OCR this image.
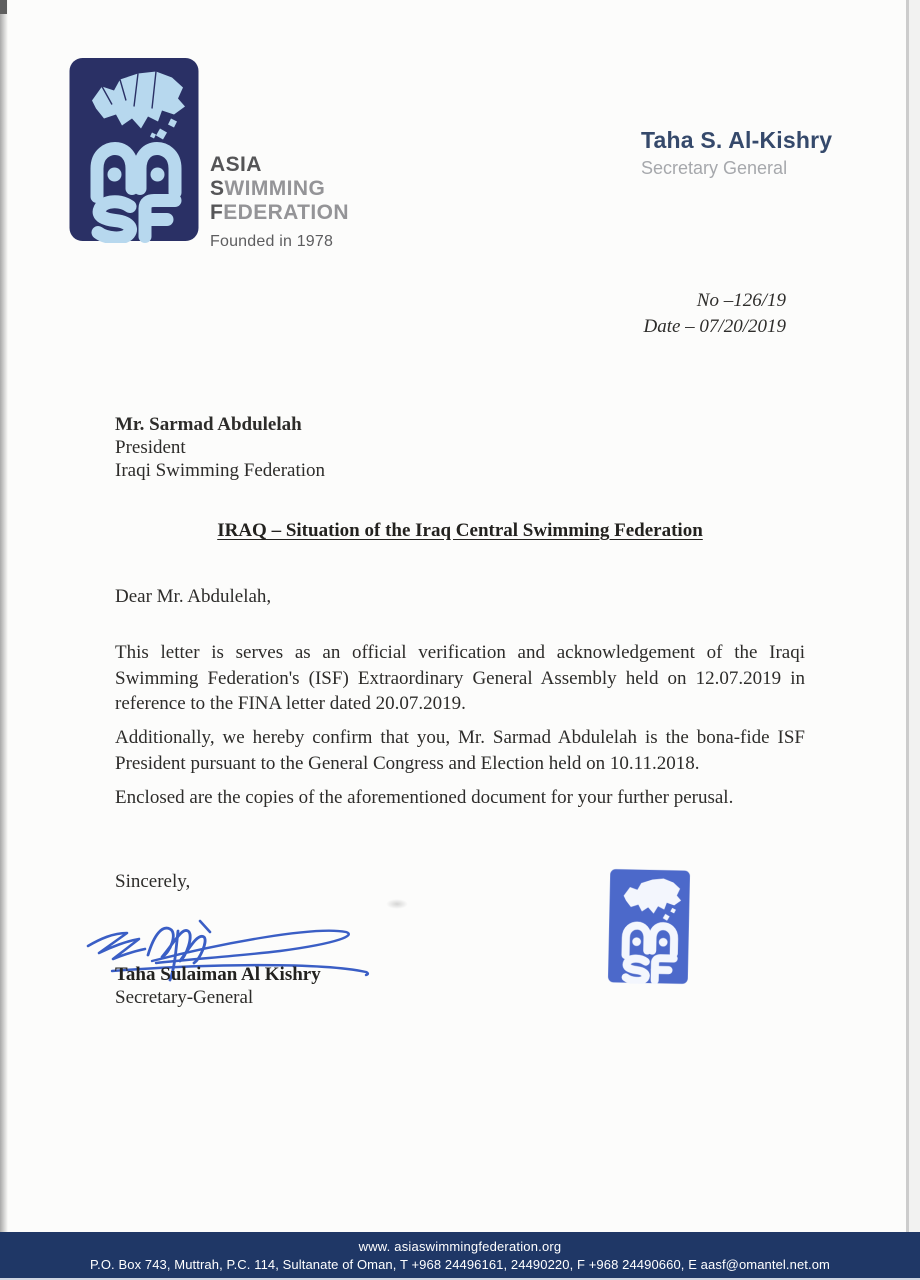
ASIA
SWIMMING
FEDERATION
Founded in 1978
Taha S. Al-Kishry
Secretary General
No –126/19
Date – 07/20/2019
Mr. Sarmad Abdulelah
President
Iraqi Swimming Federation
IRAQ – Situation of the Iraq Central Swimming Federation
Dear Mr. Abdulelah,

This letter is serves as an official verification and acknowledgement of the Iraqi Swimming Federation's (ISF) Extraordinary General Assembly held on 12.07.2019 in reference to the FINA letter dated 20.07.2019.

Additionally, we hereby confirm that you, Mr. Sarmad Abdulelah is the bona-fide ISF President pursuant to the General Congress and Election held on 10.11.2018.

Enclosed are the copies of the aforementioned document for your further perusal.

Sincerely,
Taha Sulaiman Al Kishry
Secretary-General
www. asiaswimmingfederation.org
P.O. Box 743, Muttrah, P.C. 114, Sultanate of Oman, T +968 24496161, 24490220, F +968 24490660, E aasf@omantel.net.om
